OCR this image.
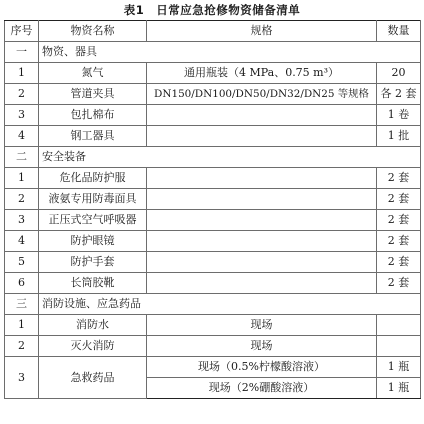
表1　日常应急抢修物资储备清单
序号	物资名称	规格	数量
一	物资、器具		
1	氮气	通用瓶装（4 MPa、0.75 m³）	20
2	管道夹具	DN150/DN100/DN50/DN32/DN25 等规格	各 2 套
3	包扎棉布		1 卷
4	钢工器具		1 批
二	安全装备		
1	危化品防护服		2 套
2	液氨专用防毒面具		2 套
3	正压式空气呼吸器		2 套
4	防护眼镜		2 套
5	防护手套		2 套
6	长筒胶靴		2 套
三	消防设施、应急药品		
1	消防水	现场	
2	灭火消防	现场	
3	急救药品	现场（0.5%柠檬酸溶液）	1 瓶
		现场（2%硼酸溶液）	1 瓶
